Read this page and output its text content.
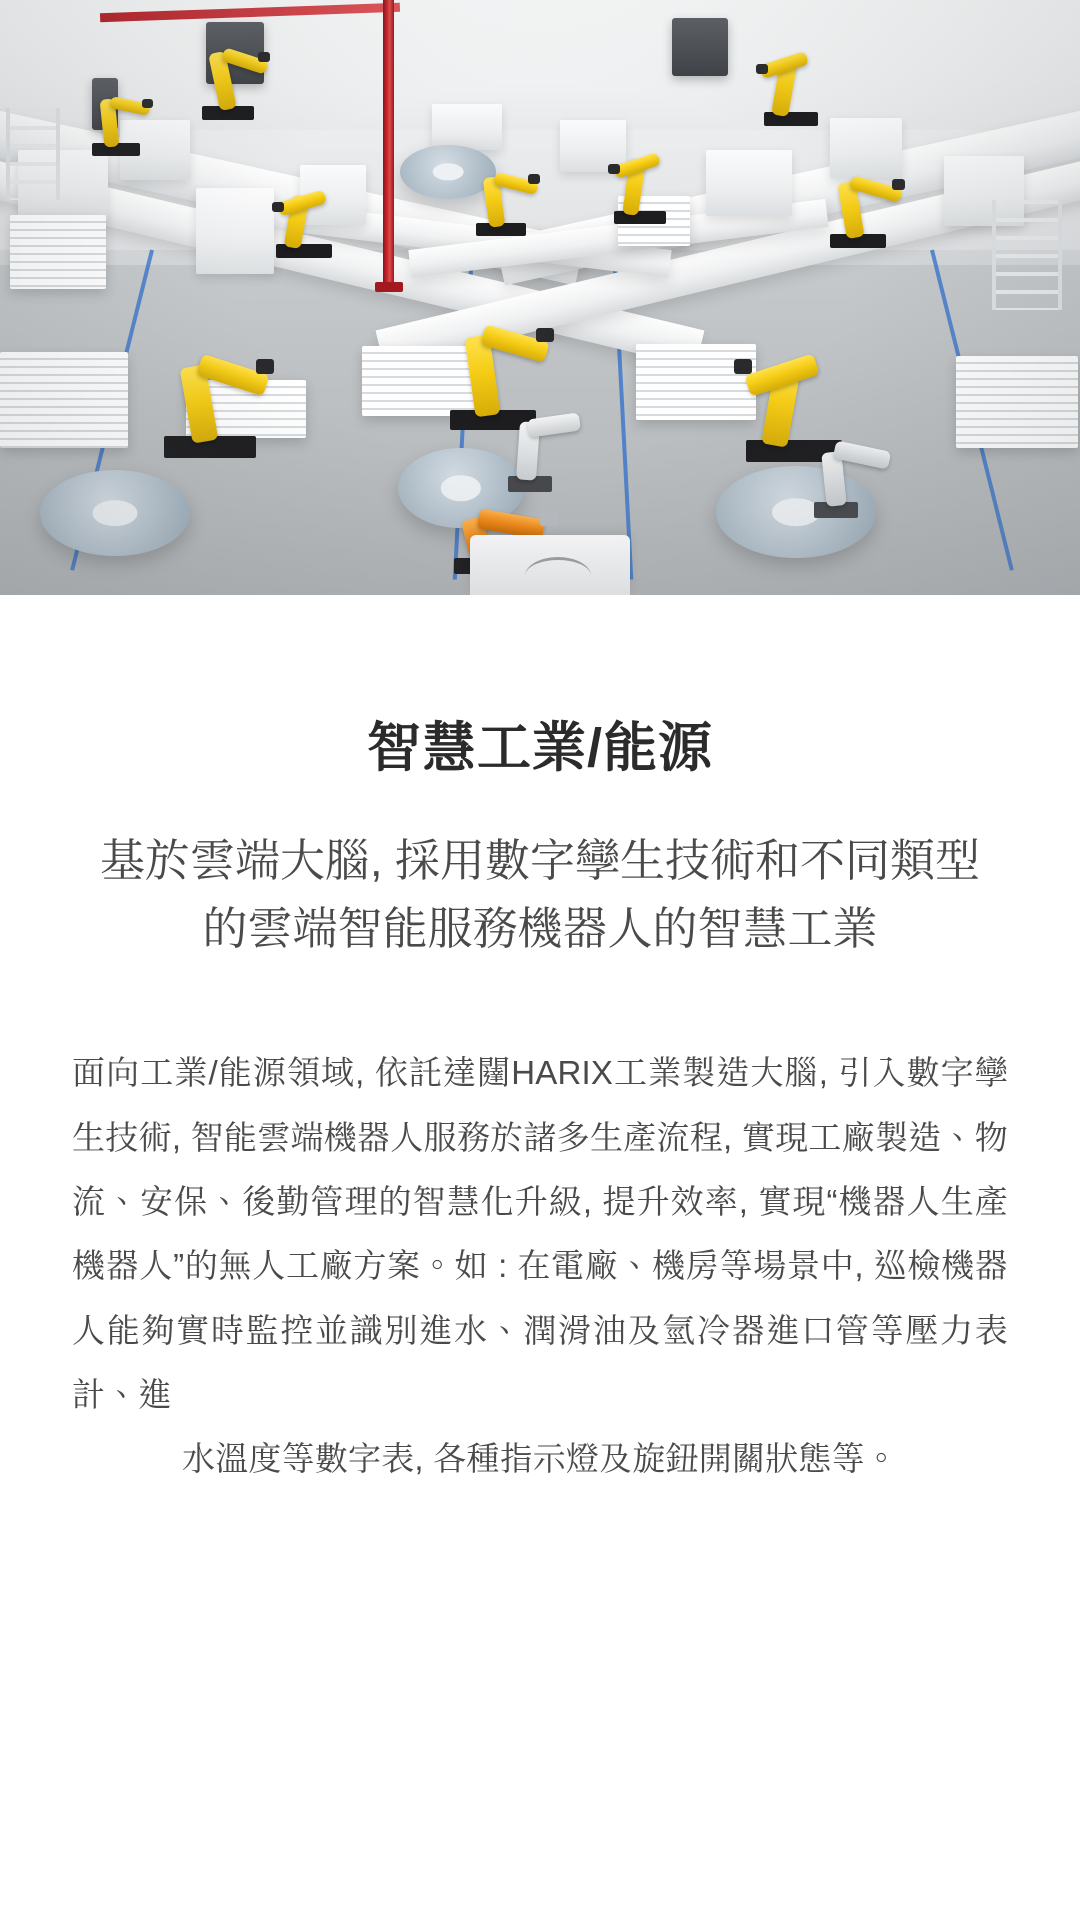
智慧工業/能源

基於雲端大腦, 採用數字孿生技術和不同類型的雲端智能服務機器人的智慧工業

面向工業/能源領域, 依託達闥HARIX工業製造大腦, 引入數字孿生技術, 智能雲端機器人服務於諸多生產流程, 實現工廠製造、物流、安保、後勤管理的智慧化升級, 提升效率, 實現“機器人生產機器人”的無人工廠方案。如 : 在電廠、機房等場景中, 巡檢機器人能夠實時監控並識別進水、潤滑油及氫冷器進口管等壓力表計、進
水溫度等數字表, 各種指示燈及旋鈕開關狀態等。
